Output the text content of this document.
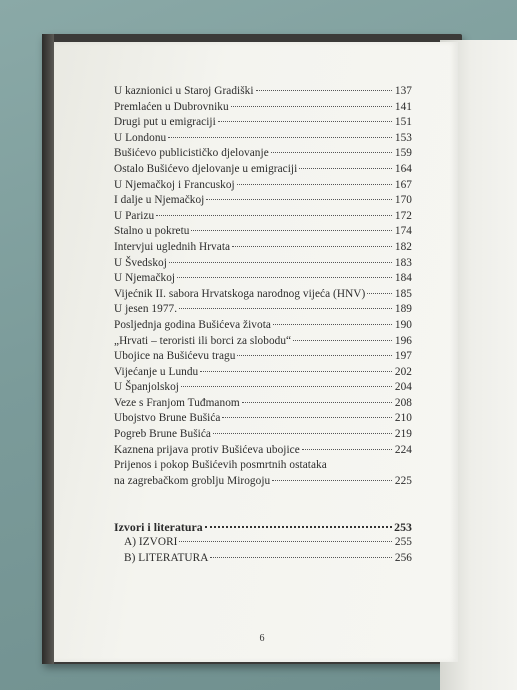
U kaznionici u Staroj Gradiški	137
Premlaćen u Dubrovniku	141
Drugi put u emigraciji	151
U Londonu	153
Bušićevo publicističko djelovanje	159
Ostalo Bušićevo djelovanje u emigraciji	164
U Njemačkoj i Francuskoj	167
I dalje u Njemačkoj	170
U Parizu	172
Stalno u pokretu	174
Intervjui uglednih Hrvata	182
U Švedskoj	183
U Njemačkoj	184
Vijećnik II. sabora Hrvatskoga narodnog vijeća (HNV)	185
U jesen 1977.	189
Posljednja godina Bušićeva života	190
„Hrvati – teroristi ili borci za slobodu“	196
Ubojice na Bušićevu tragu	197
Vijećanje u Lundu	202
U Španjolskoj	204
Veze s Franjom Tuđmanom	208
Ubojstvo Brune Bušića	210
Pogreb Brune Bušića	219
Kaznena prijava protiv Bušićeva ubojice	224
Prijenos i pokop Bušićevih posmrtnih ostataka
na zagrebačkom groblju Mirogoju	225
Izvori i literatura	253
A) IZVORI	255
B) LITERATURA	256
6
